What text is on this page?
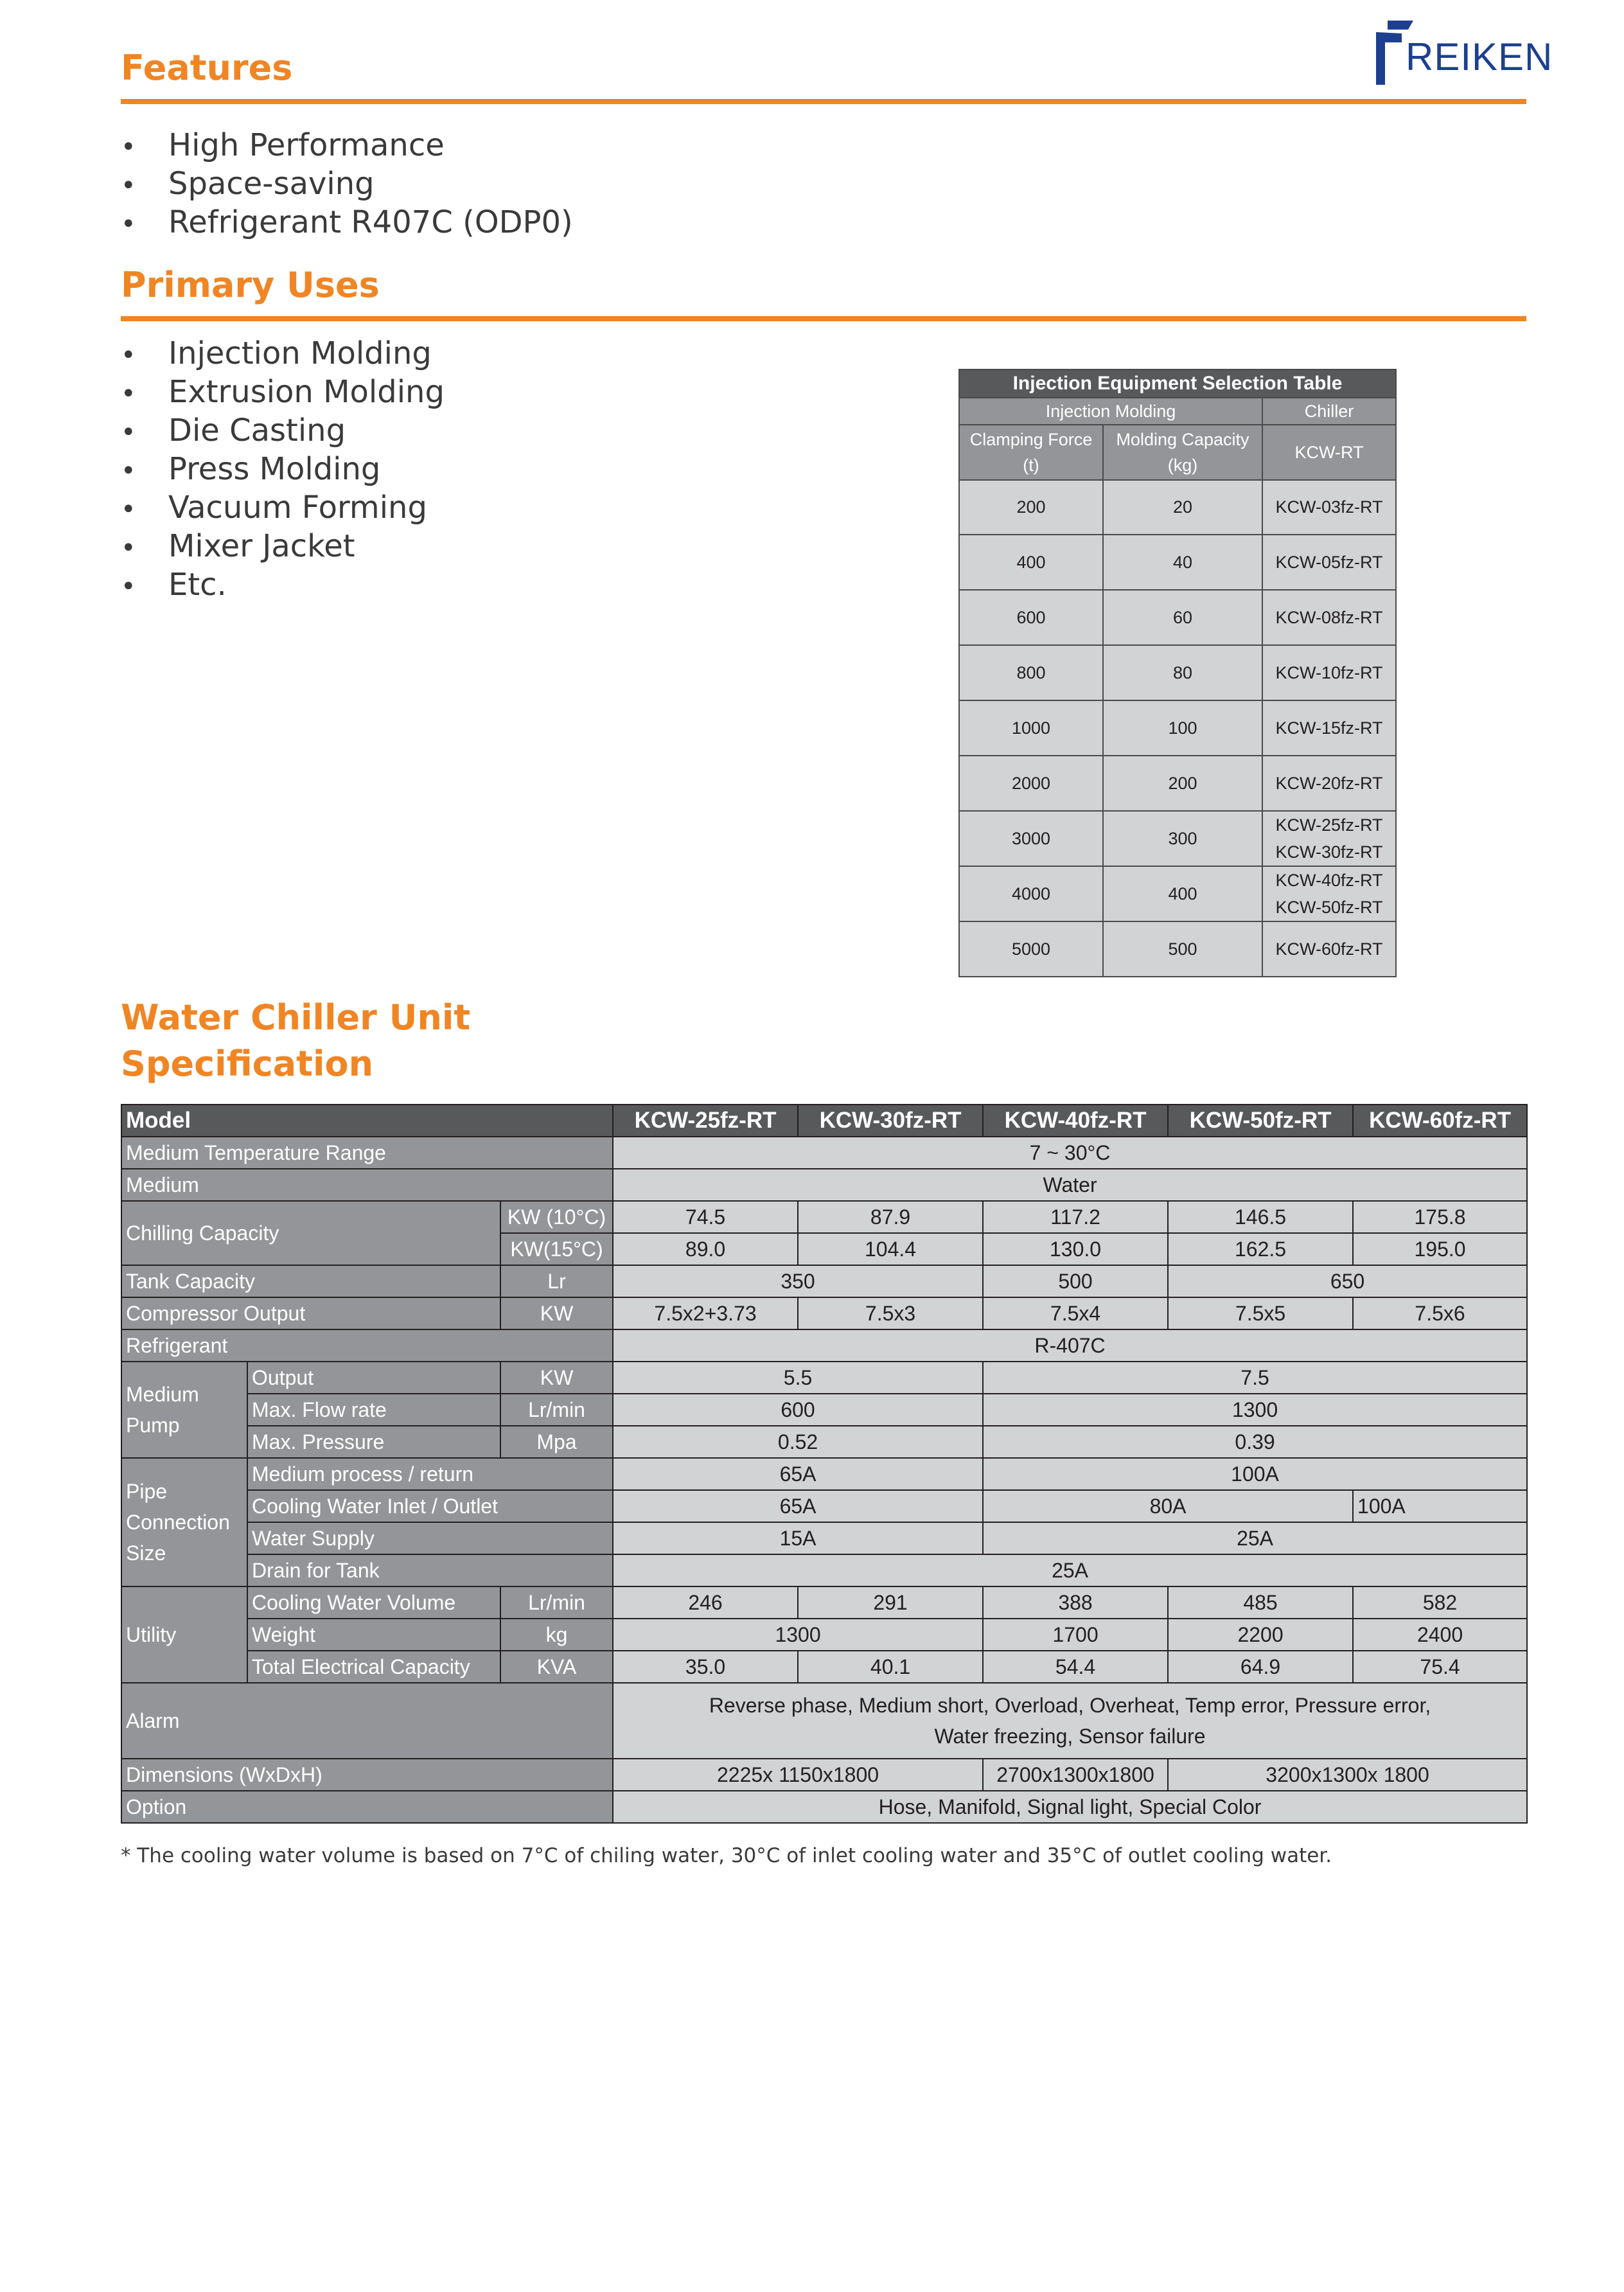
REIKEN
Features
• High Performance
• Space-saving
• Refrigerant R407C (ODP0)
Primary Uses
• Injection Molding
• Extrusion Molding
• Die Casting
• Press Molding
• Vacuum Forming
• Mixer Jacket
• Etc.
Injection Equipment Selection Table		
Injection Molding		Chiller
Clamping Force (t)	Molding Capacity (kg)	KCW-RT
200	20	KCW-03fz-RT
400	40	KCW-05fz-RT
600	60	KCW-08fz-RT
800	80	KCW-10fz-RT
1000	100	KCW-15fz-RT
2000	200	KCW-20fz-RT
3000	300	KCW-25fz-RT
KCW-30fz-RT

4000	400	KCW-40fz-RT
KCW-50fz-RT

5000	500	KCW-60fz-RT
Water Chiller Unit
Specification
Model			KCW-25fz-RT	KCW-30fz-RT	KCW-40fz-RT	KCW-50fz-RT	KCW-60fz-RT
Medium Temperature Range			7 ~ 30°C				
Medium			Water				
Chilling Capacity		KW (10°C)	74.5	87.9	117.2	146.5	175.8
		KW(15°C)	89.0	104.4	130.0	162.5	195.0
Tank Capacity		Lr	350		500	650	
Compressor Output		KW	7.5x2+3.73	7.5x3	7.5x4	7.5x5	7.5x6
Refrigerant			R-407C				
Medium Pump	Output	KW	5.5		7.5		
	Max. Flow rate	Lr/min	600		1300		
	Max. Pressure	Mpa	0.52		0.39		
Pipe Connection Size	Medium process / return		65A		100A		
	Cooling Water Inlet / Outlet		65A		80A		100A
	Water Supply		15A		25A		
	Drain for Tank		25A				
Utility	Cooling Water Volume	Lr/min	246	291	388	485	582
	Weight	kg	1300		1700	2200	2400
	Total Electrical Capacity	KVA	35.0	40.1	54.4	64.9	75.4
Alarm			Reverse phase, Medium short, Overload, Overheat, Temp error, Pressure error,
Water freezing, Sensor failure				

Dimensions (WxDxH)			2225x 1150x1800		2700x1300x1800	3200x1300x 1800	
Option			Hose, Manifold, Signal light, Special Color				
* The cooling water volume is based on 7°C of chiling water, 30°C of inlet cooling water and 35°C of outlet cooling water.
